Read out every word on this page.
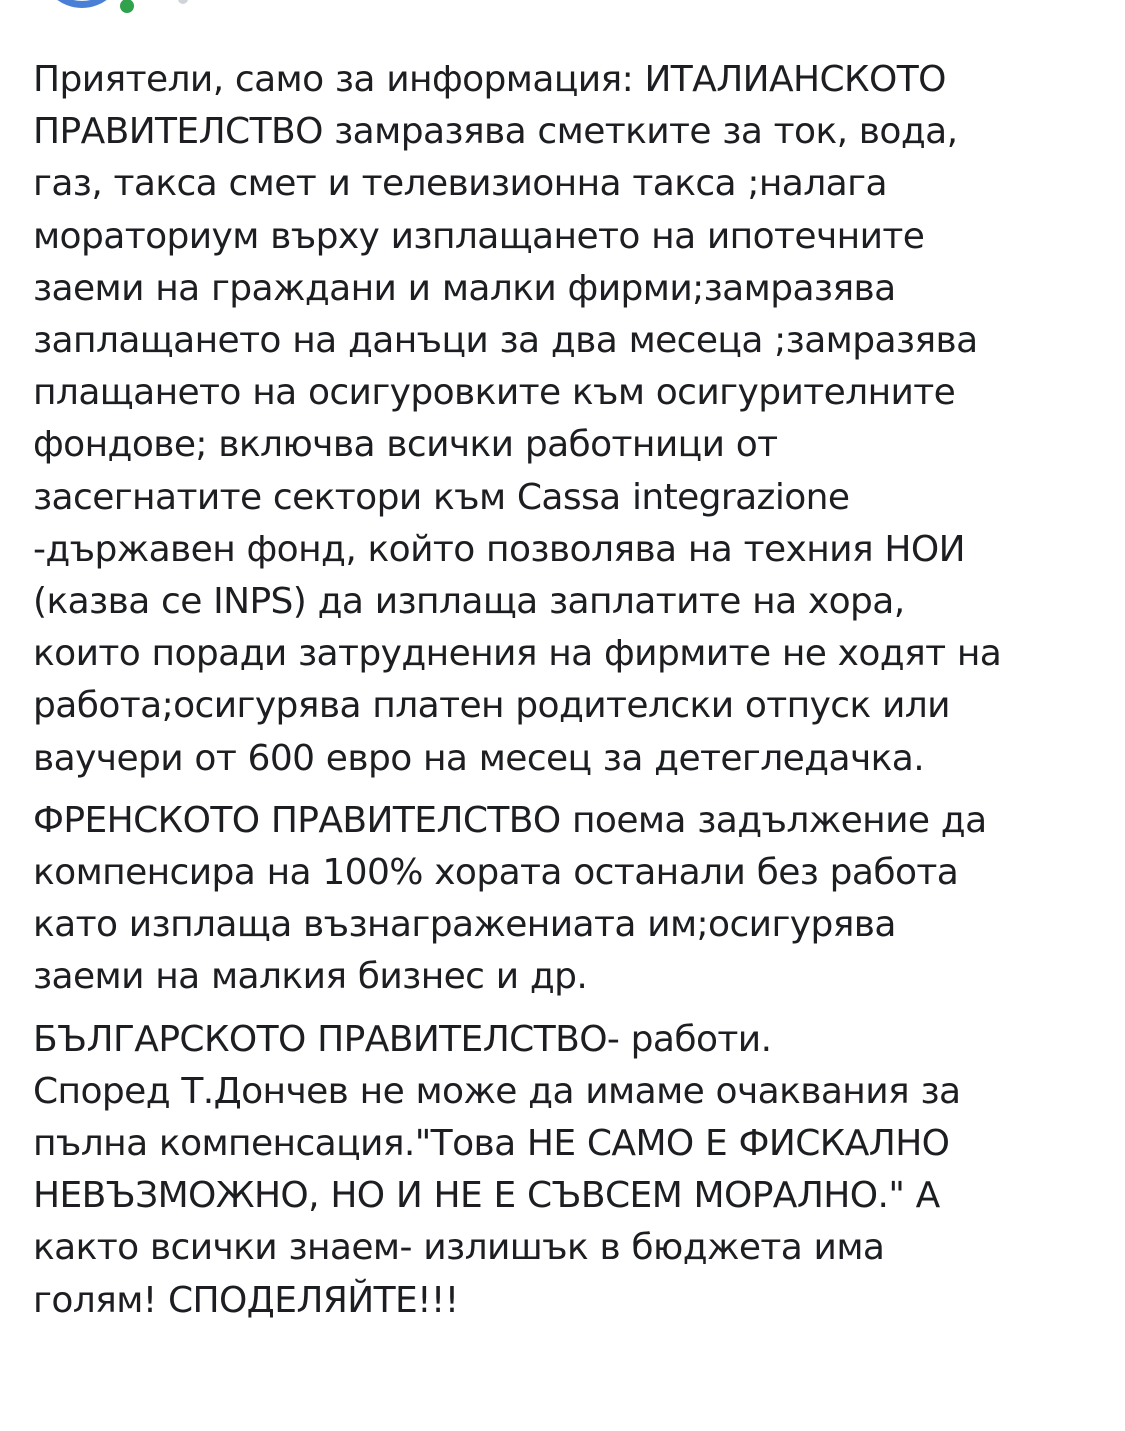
Приятели, само за информация: ИТАЛИАНСКОТО
ПРАВИТЕЛСТВО замразява сметките за ток, вода,
газ, такса смет и телевизионна такса ;налага
мораториум върху изплащането на ипотечните
заеми на граждани и малки фирми;замразява
заплащането на данъци за два месеца ;замразява
плащането на осигуровките към осигурителните
фондове; включва всички работници от
засегнатите сектори към Cassa integrazione
-държавен фонд, който позволява на техния НОИ
(казва се INPS) да изплаща заплатите на хора,
които поради затруднения на фирмите не ходят на
работа;осигурява платен родителски отпуск или
ваучери от 600 евро на месец за детегледачка.

ФРЕНСКОТО ПРАВИТЕЛСТВО поема задължение да
компенсира на 100% хората останали без работа
като изплаща възнагражениата им;осигурява
заеми на малкия бизнес и др.

БЪЛГАРСКОТО ПРАВИТЕЛСТВО- работи.
Според Т.Дончев не може да имаме очаквания за
пълна компенсация."Това НЕ САМО Е ФИСКАЛНО
НЕВЪЗМОЖНО, НО И НЕ Е СЪВСЕМ МОРАЛНО." А
както всички знаем- излишък в бюджета има
голям! СПОДЕЛЯЙТЕ!!!
